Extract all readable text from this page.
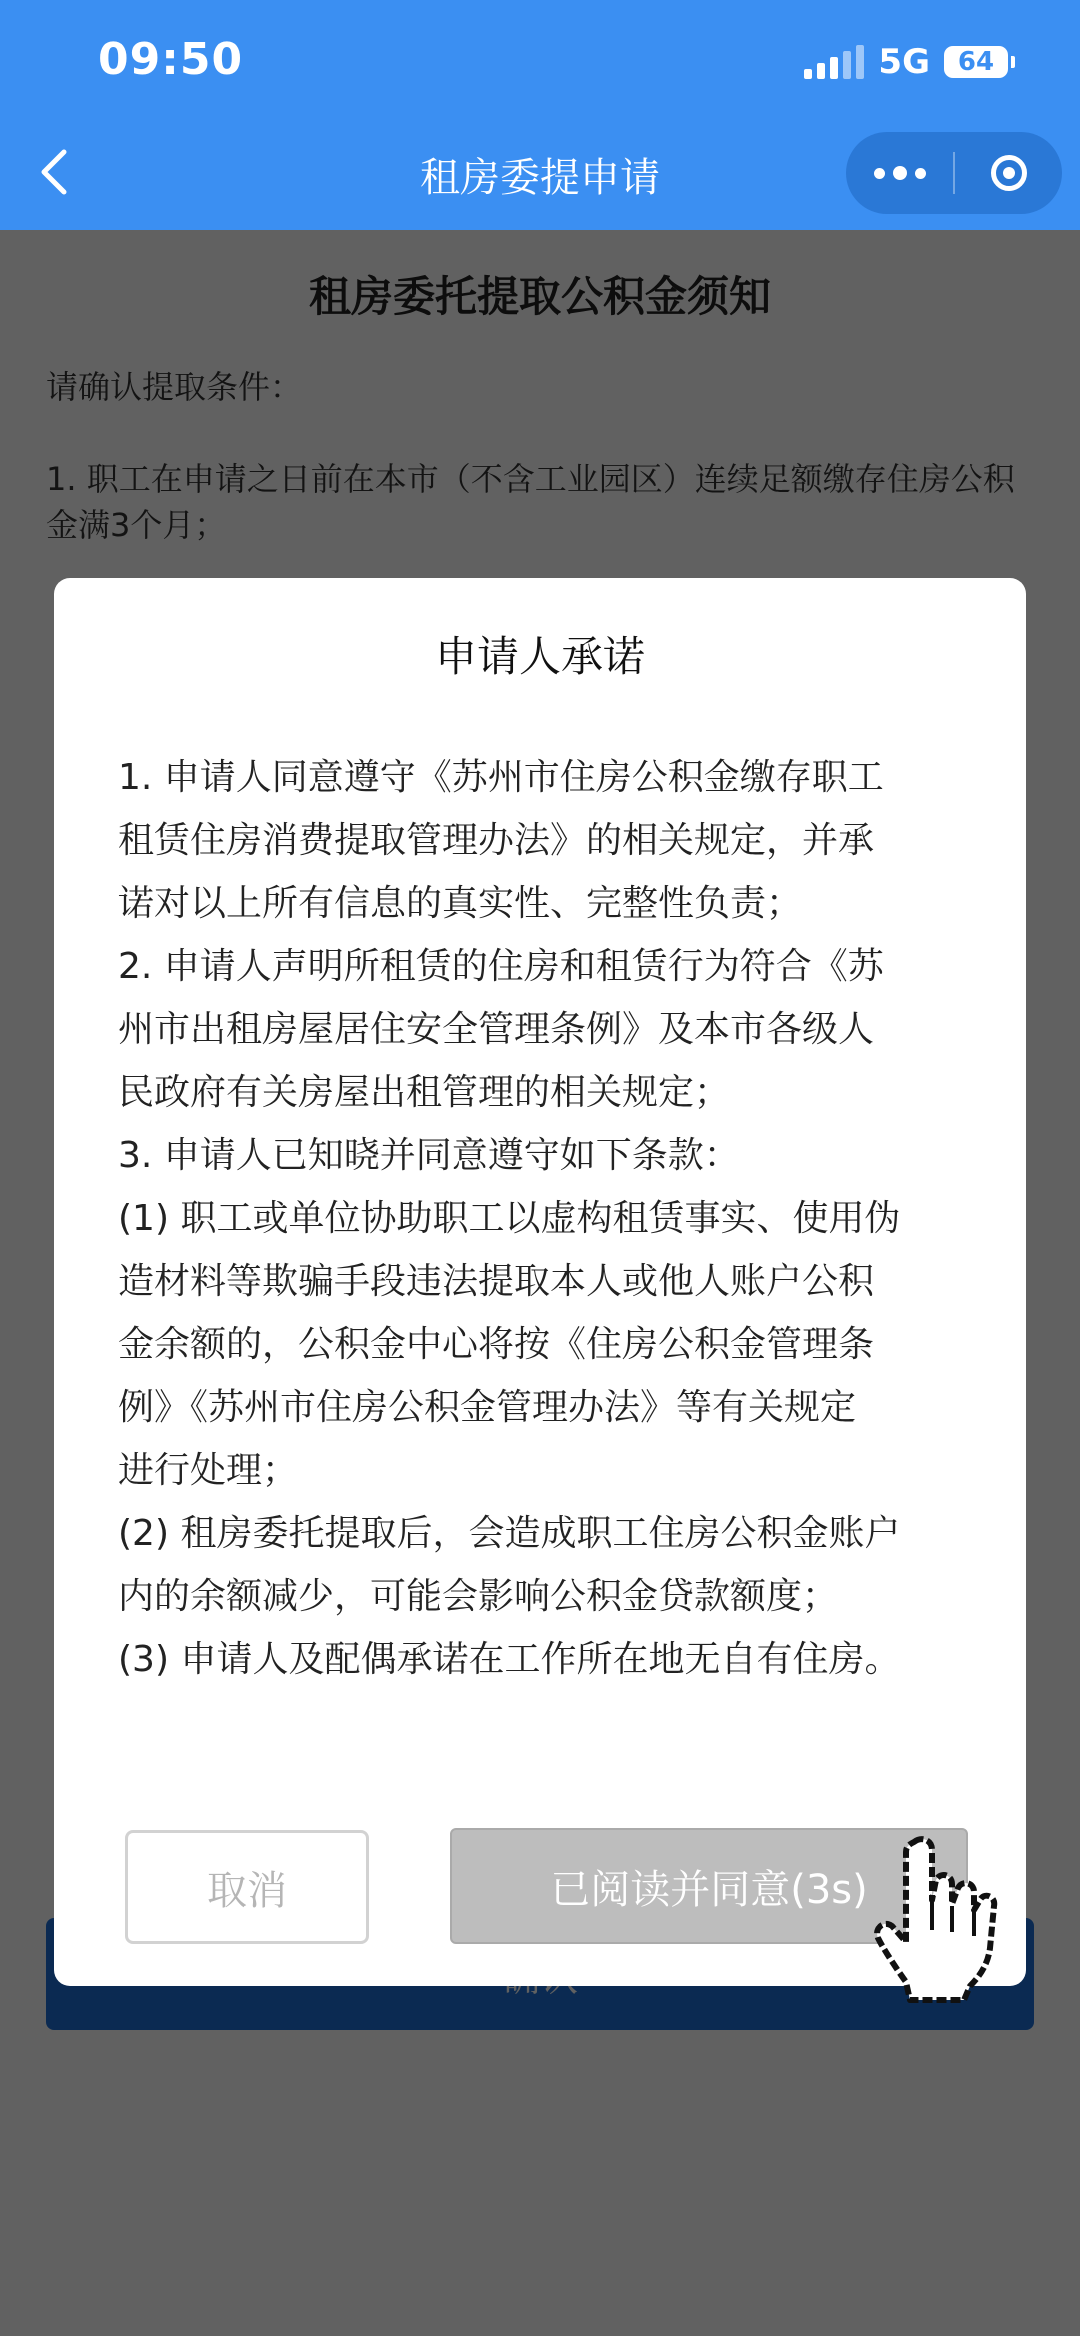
09:50	5G 64
租房委提申请
申请人承诺
1. 申请人同意遵守《苏州市住房公积金缴存职工
租赁住房消费提取管理办法》的相关规定，并承
诺对以上所有信息的真实性、完整性负责；
2. 申请人声明所租赁的住房和租赁行为符合《苏
州市出租房屋居住安全管理条例》及本市各级人
民政府有关房屋出租管理的相关规定；
3. 申请人已知晓并同意遵守如下条款：
(1) 职工或单位协助职工以虚构租赁事实、使用伪
造材料等欺骗手段违法提取本人或他人账户公积
金余额的，公积金中心将按《住房公积金管理条
例》《苏州市住房公积金管理办法》等有关规定
进行处理；
(2) 租房委托提取后，会造成职工住房公积金账户
内的余额减少，可能会影响公积金贷款额度；
(3) 申请人及配偶承诺在工作所在地无自有住房。
取消	已阅读并同意(3s)
